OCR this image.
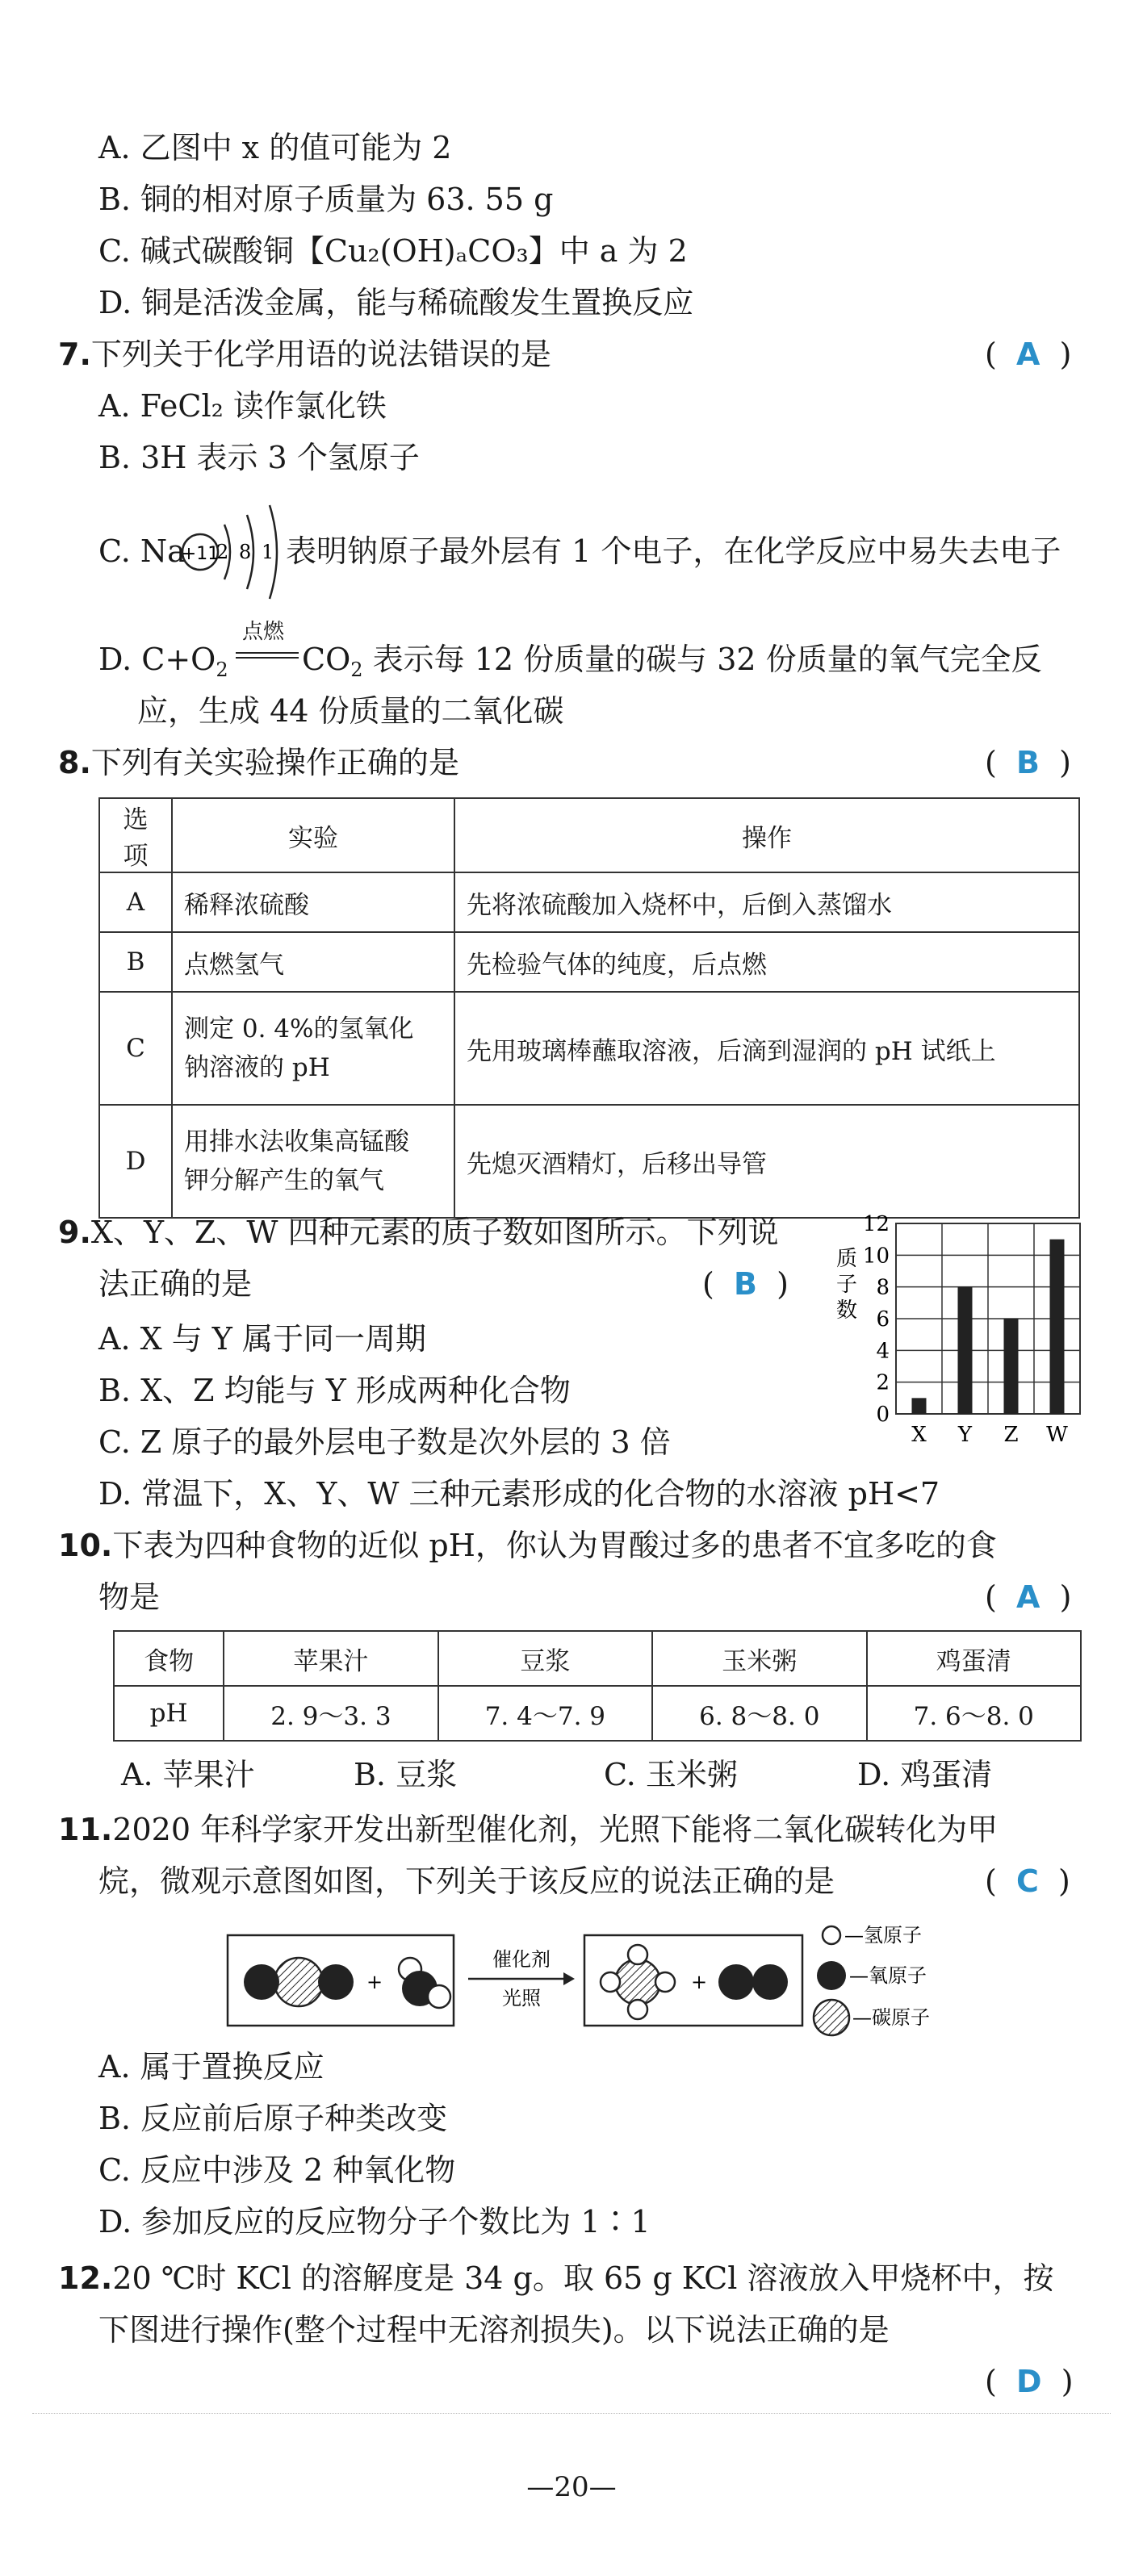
A. 乙图中 x 的值可能为 2
B. 铜的相对原子质量为 63. 55 g
C. 碱式碳酸铜【Cu₂(OH)ₐCO₃】中 a 为 2
D. 铜是活泼金属，能与稀硫酸发生置换反应
7.下列关于化学用语的说法错误的是	(  A  )
A. FeCl₂ 读作氯化铁
B. 3H 表示 3 个氢原子
C. Na
+11
2 8 1 表明钠原子最外层有 1 个电子，在化学反应中易失去电子
D. $C+O_2$
点燃
$CO_2$ 表示每 12 份质量的碳与 32 份质量的氧气完全反
应，生成 44 份质量的二氧化碳
8.下列有关实验操作正确的是	(  B  )
选项	实验	操作
A	稀释浓硫酸	先将浓硫酸加入烧杯中，后倒入蒸馏水
B	点燃氢气	先检验气体的纯度，后点燃
C	测定 0. 4%的氢氧化
钠溶液的 pH	先用玻璃棒蘸取溶液，后滴到湿润的 pH 试纸上
D	用排水法收集高锰酸
钾分解产生的氧气	先熄灭酒精灯，后移出导管
9.X、Y、Z、W 四种元素的质子数如图所示。下列说
法正确的是	(  B  )
A. X 与 Y 属于同一周期
B. X、Z 均能与 Y 形成两种化合物
C. Z 原子的最外层电子数是次外层的 3 倍
D. 常温下，X、Y、W 三种元素形成的化合物的水溶液 pH<7
质
子
数
0
2
4
6
8
10
12
X Y Z W
10.下表为四种食物的近似 pH，你认为胃酸过多的患者不宜多吃的食
物是	(  A  )
食物	苹果汁	豆浆	玉米粥	鸡蛋清
pH	2. 9～3. 3	7. 4～7. 9	6. 8～8. 0	7. 6～8. 0
A. 苹果汁	B. 豆浆	C. 玉米粥	D. 鸡蛋清
11.2020 年科学家开发出新型催化剂，光照下能将二氧化碳转化为甲
烷，微观示意图如图，下列关于该反应的说法正确的是	(  C  )
+
催化剂
光照
+
—氢原子
—氧原子
—碳原子
A. 属于置换反应
B. 反应前后原子种类改变
C. 反应中涉及 2 种氧化物
D. 参加反应的反应物分子个数比为 1∶1
12.20 ℃时 KCl 的溶解度是 34 g。取 65 g KCl 溶液放入甲烧杯中，按
下图进行操作(整个过程中无溶剂损失)。以下说法正确的是
(  D  )
—20—
